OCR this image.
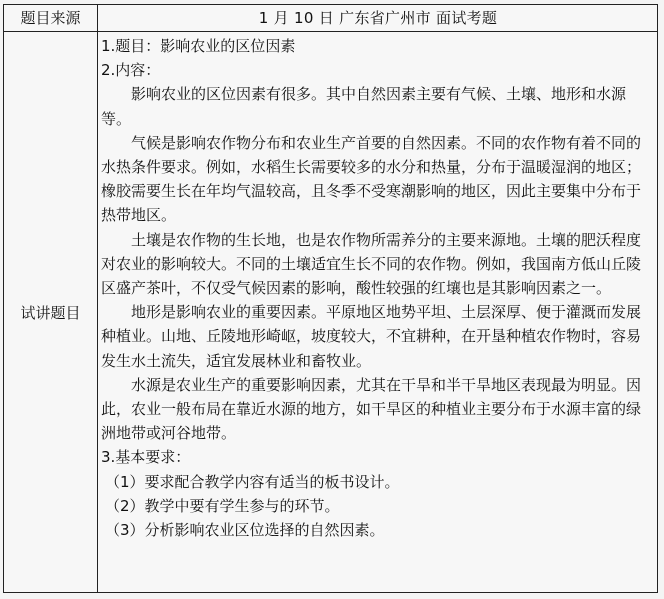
题目来源	1 月 10 日 广东省广州市 面试考题
试讲题目

1.题目：影响农业的区位因素

2.内容：

影响农业的区位因素有很多。其中自然因素主要有气候、土壤、地形和水源等。

气候是影响农作物分布和农业生产首要的自然因素。不同的农作物有着不同的水热条件要求。例如，水稻生长需要较多的水分和热量，分布于温暖湿润的地区；橡胶需要生长在年均气温较高，且冬季不受寒潮影响的地区，因此主要集中分布于热带地区。

土壤是农作物的生长地，也是农作物所需养分的主要来源地。土壤的肥沃程度对农业的影响较大。不同的土壤适宜生长不同的农作物。例如，我国南方低山丘陵区盛产茶叶，不仅受气候因素的影响，酸性较强的红壤也是其影响因素之一。

地形是影响农业的重要因素。平原地区地势平坦、土层深厚、便于灌溉而发展种植业。山地、丘陵地形崎岖，坡度较大，不宜耕种，在开垦种植农作物时，容易发生水土流失，适宜发展林业和畜牧业。

水源是农业生产的重要影响因素，尤其在干旱和半干旱地区表现最为明显。因此，农业一般布局在靠近水源的地方，如干旱区的种植业主要分布于水源丰富的绿洲地带或河谷地带。

3.基本要求：

（1）要求配合教学内容有适当的板书设计。

（2）教学中要有学生参与的环节。

（3）分析影响农业区位选择的自然因素。
